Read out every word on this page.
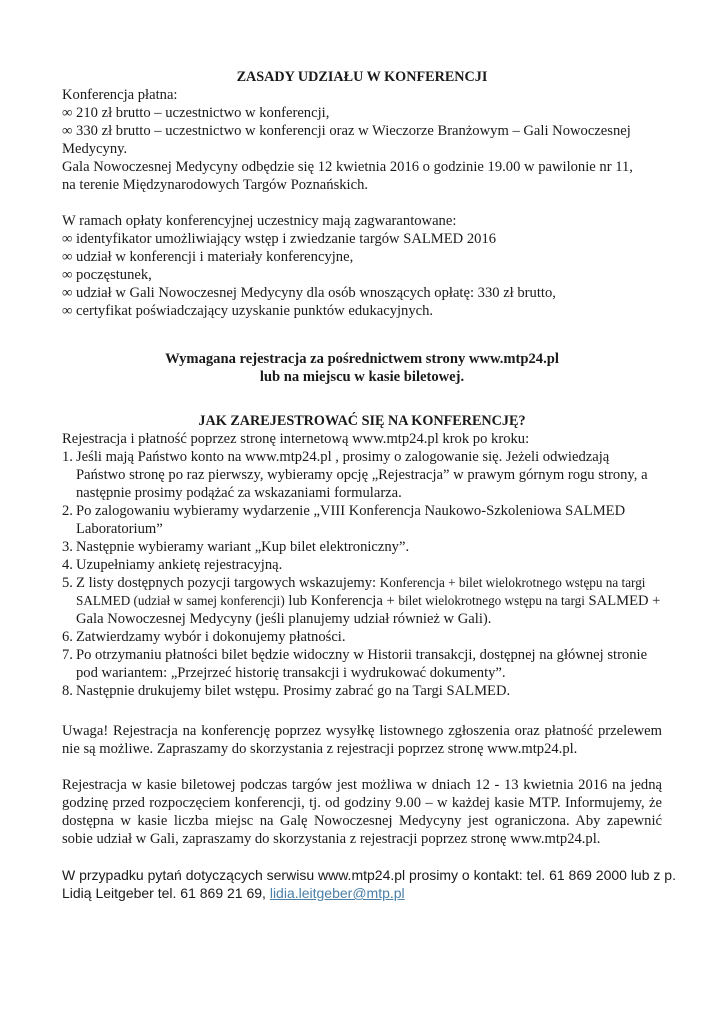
ZASADY UDZIAŁU W KONFERENCJI

Konferencja płatna:

∞ 210 zł brutto – uczestnictwo w konferencji,

∞ 330 zł brutto – uczestnictwo w konferencji oraz w Wieczorze Branżowym – Gali Nowoczesnej

Medycyny.

Gala Nowoczesnej Medycyny odbędzie się 12 kwietnia 2016 o godzinie 19.00 w pawilonie nr 11,

na terenie Międzynarodowych Targów Poznańskich.

W ramach opłaty konferencyjnej uczestnicy mają zagwarantowane:

∞ identyfikator umożliwiający wstęp i zwiedzanie targów SALMED 2016

∞ udział w konferencji i materiały konferencyjne,

∞ poczęstunek,

∞ udział w Gali Nowoczesnej Medycyny dla osób wnoszących opłatę: 330 zł brutto,

∞ certyfikat poświadczający uzyskanie punktów edukacyjnych.

Wymagana rejestracja za pośrednictwem strony www.mtp24.pl

lub na miejscu w kasie biletowej.

JAK ZAREJESTROWAĆ SIĘ NA KONFERENCJĘ?

Rejestracja i płatność poprzez stronę internetową www.mtp24.pl krok po kroku:

1. Jeśli mają Państwo konto na www.mtp24.pl , prosimy o zalogowanie się. Jeżeli odwiedzają Państwo stronę po raz pierwszy, wybieramy opcję „Rejestracja” w prawym górnym rogu strony, a następnie prosimy podążać za wskazaniami formularza.
2. Po zalogowaniu wybieramy wydarzenie „VIII Konferencja Naukowo-Szkoleniowa SALMED Laboratorium”
3. Następnie wybieramy wariant „Kup bilet elektroniczny”.
4. Uzupełniamy ankietę rejestracyjną.
5. Z listy dostępnych pozycji targowych wskazujemy: Konferencja + bilet wielokrotnego wstępu na targi SALMED (udział w samej konferencji) lub Konferencja + bilet wielokrotnego wstępu na targi SALMED + Gala Nowoczesnej Medycyny (jeśli planujemy udział również w Gali).
6. Zatwierdzamy wybór i dokonujemy płatności.
7. Po otrzymaniu płatności bilet będzie widoczny w Historii transakcji, dostępnej na głównej stronie pod wariantem: „Przejrzeć historię transakcji i wydrukować dokumenty”.
8. Następnie drukujemy bilet wstępu. Prosimy zabrać go na Targi SALMED.

Uwaga! Rejestracja na konferencję poprzez wysyłkę listownego zgłoszenia oraz płatność przelewem nie są możliwe. Zapraszamy do skorzystania z rejestracji poprzez stronę www.mtp24.pl.

Rejestracja w kasie biletowej podczas targów jest możliwa w dniach 12 - 13 kwietnia 2016 na jedną godzinę przed rozpoczęciem konferencji, tj. od godziny 9.00 – w każdej kasie MTP. Informujemy, że dostępna w kasie liczba miejsc na Galę Nowoczesnej Medycyny jest ograniczona. Aby zapewnić sobie udział w Gali, zapraszamy do skorzystania z rejestracji poprzez stronę www.mtp24.pl.

W przypadku pytań dotyczących serwisu www.mtp24.pl prosimy o kontakt: tel. 61 869 2000 lub z p.

Lidią Leitgeber tel. 61 869 21 69, lidia.leitgeber@mtp.pl
